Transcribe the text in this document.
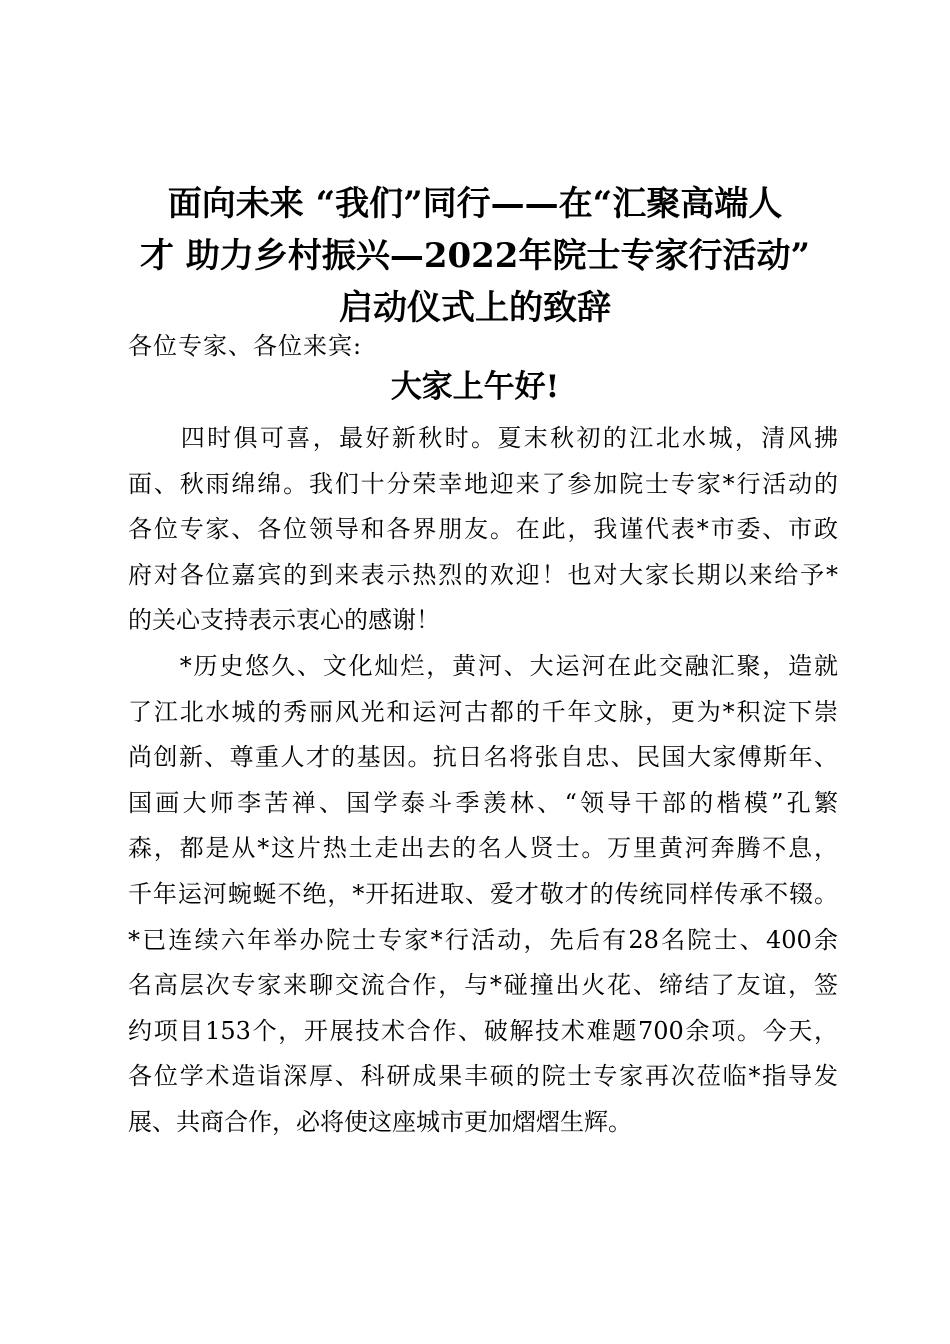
面向未来 “我们”同行——在“汇聚高端人
才 助力乡村振兴—2022年院士专家行活动”
启动仪式上的致辞
各位专家、各位来宾:
大家上午好!
　　四时俱可喜，最好新秋时。夏末秋初的江北水城，清风拂
面、秋雨绵绵。我们十分荣幸地迎来了参加院士专家*行活动的
各位专家、各位领导和各界朋友。在此，我谨代表*市委、市政
府对各位嘉宾的到来表示热烈的欢迎！也对大家长期以来给予*
的关心支持表示衷心的感谢！
　　*历史悠久、文化灿烂，黄河、大运河在此交融汇聚，造就
了江北水城的秀丽风光和运河古都的千年文脉，更为*积淀下崇
尚创新、尊重人才的基因。抗日名将张自忠、民国大家傅斯年、
国画大师李苦禅、国学泰斗季羡林、“领导干部的楷模”孔繁
森，都是从*这片热土走出去的名人贤士。万里黄河奔腾不息，
千年运河蜿蜒不绝，*开拓进取、爱才敬才的传统同样传承不辍。
*已连续六年举办院士专家*行活动，先后有28名院士、400余
名高层次专家来聊交流合作，与*碰撞出火花、缔结了友谊，签
约项目153个，开展技术合作、破解技术难题700余项。今天，
各位学术造诣深厚、科研成果丰硕的院士专家再次莅临*指导发
展、共商合作，必将使这座城市更加熠熠生辉。
